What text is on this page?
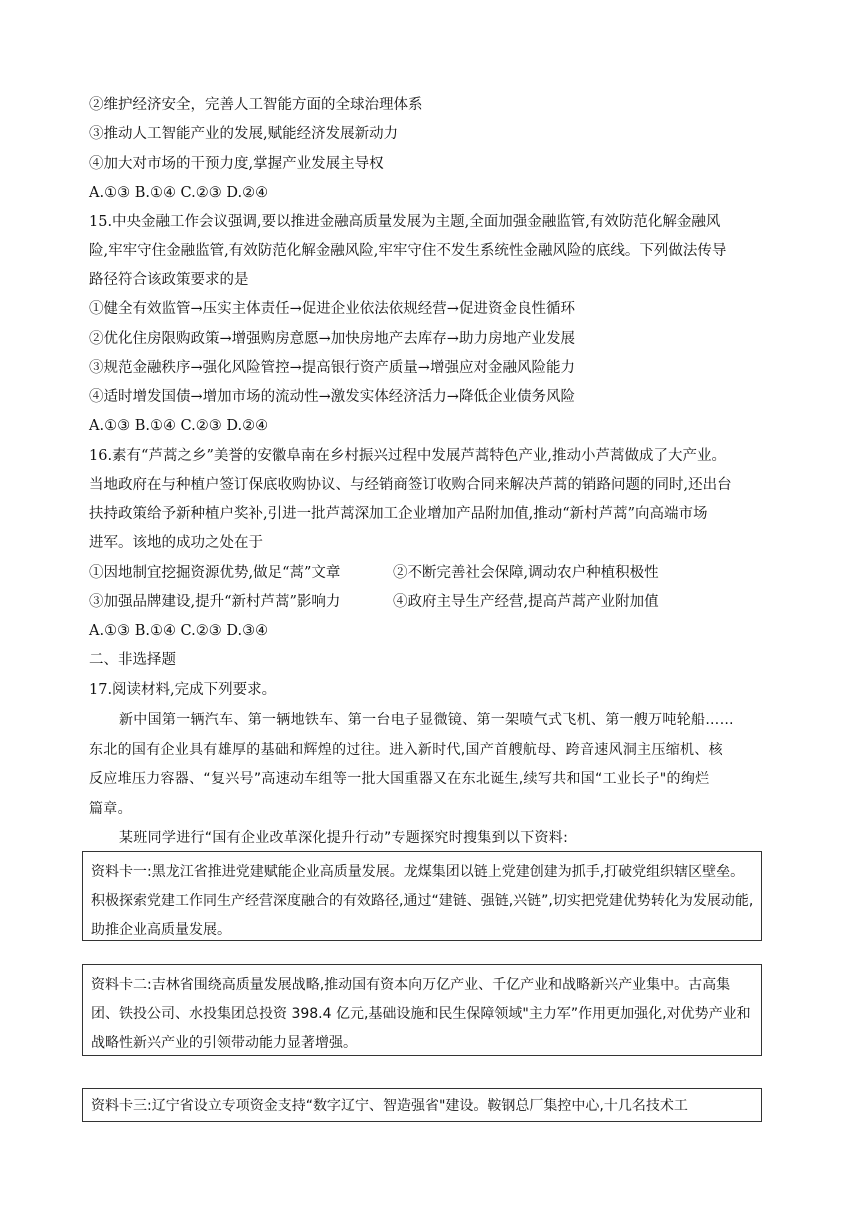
②维护经济安全，完善人工智能方面的全球治理体系
③推动人工智能产业的发展,赋能经济发展新动力
④加大对市场的干预力度,掌握产业发展主导权
A.①③ B.①④ C.②③ D.②④
15.中央金融工作会议强调,要以推进金融高质量发展为主题,全面加强金融监管,有效防范化解金融风
险,牢牢守住金融监管,有效防范化解金融风险,牢牢守住不发生系统性金融风险的底线。下列做法传导
路径符合该政策要求的是
①健全有效监管→压实主体责任→促进企业依法依规经营→促进资金良性循环
②优化住房限购政策→增强购房意愿→加快房地产去库存→助力房地产业发展
③规范金融秩序→强化风险管控→提高银行资产质量→增强应对金融风险能力
④适时增发国债→增加市场的流动性→激发实体经济活力→降低企业债务风险
A.①③ B.①④ C.②③ D.②④
16.素有“芦蒿之乡”美誉的安徽阜南在乡村振兴过程中发展芦蒿特色产业,推动小芦蒿做成了大产业。
当地政府在与种植户签订保底收购协议、与经销商签订收购合同来解决芦蒿的销路问题的同时,还出台
扶持政策给予新种植户奖补,引进一批芦蒿深加工企业增加产品附加值,推动“新村芦蒿”向高端市场
进军。该地的成功之处在于
①因地制宜挖掘资源优势,做足“蒿”文章	②不断完善社会保障,调动农户种植积极性
③加强品牌建设,提升“新村芦蒿”影响力	④政府主导生产经营,提高芦蒿产业附加值
A.①③ B.①④ C.②③ D.③④
二、非选择题
17.阅读材料,完成下列要求。
新中国第一辆汽车、第一辆地铁车、第一台电子显微镜、第一架喷气式飞机、第一艘万吨轮船……
东北的国有企业具有雄厚的基础和辉煌的过往。进入新时代,国产首艘航母、跨音速风洞主压缩机、核
反应堆压力容器、“复兴号”高速动车组等一批大国重器又在东北诞生,续写共和国“工业长子"的绚烂
篇章。
某班同学进行“国有企业改革深化提升行动”专题探究时搜集到以下资料:
资料卡一:黑龙江省推进党建赋能企业高质量发展。龙煤集团以链上党建创建为抓手,打破党组织辖区壁垒。积极探索党建工作同生产经营深度融合的有效路径,通过“建链、强链,兴链”,切实把党建优势转化为发展动能,助推企业高质量发展。
资料卡二:吉林省围绕高质量发展战略,推动国有资本向万亿产业、千亿产业和战略新兴产业集中。古高集团、铁投公司、水投集团总投资 398.4 亿元,基础设施和民生保障领域"主力军”作用更加强化,对优势产业和战略性新兴产业的引领带动能力显著增强。
资料卡三:辽宁省设立专项资金支持“数字辽宁、智造强省"建设。鞍钢总厂集控中心,十几名技术工
